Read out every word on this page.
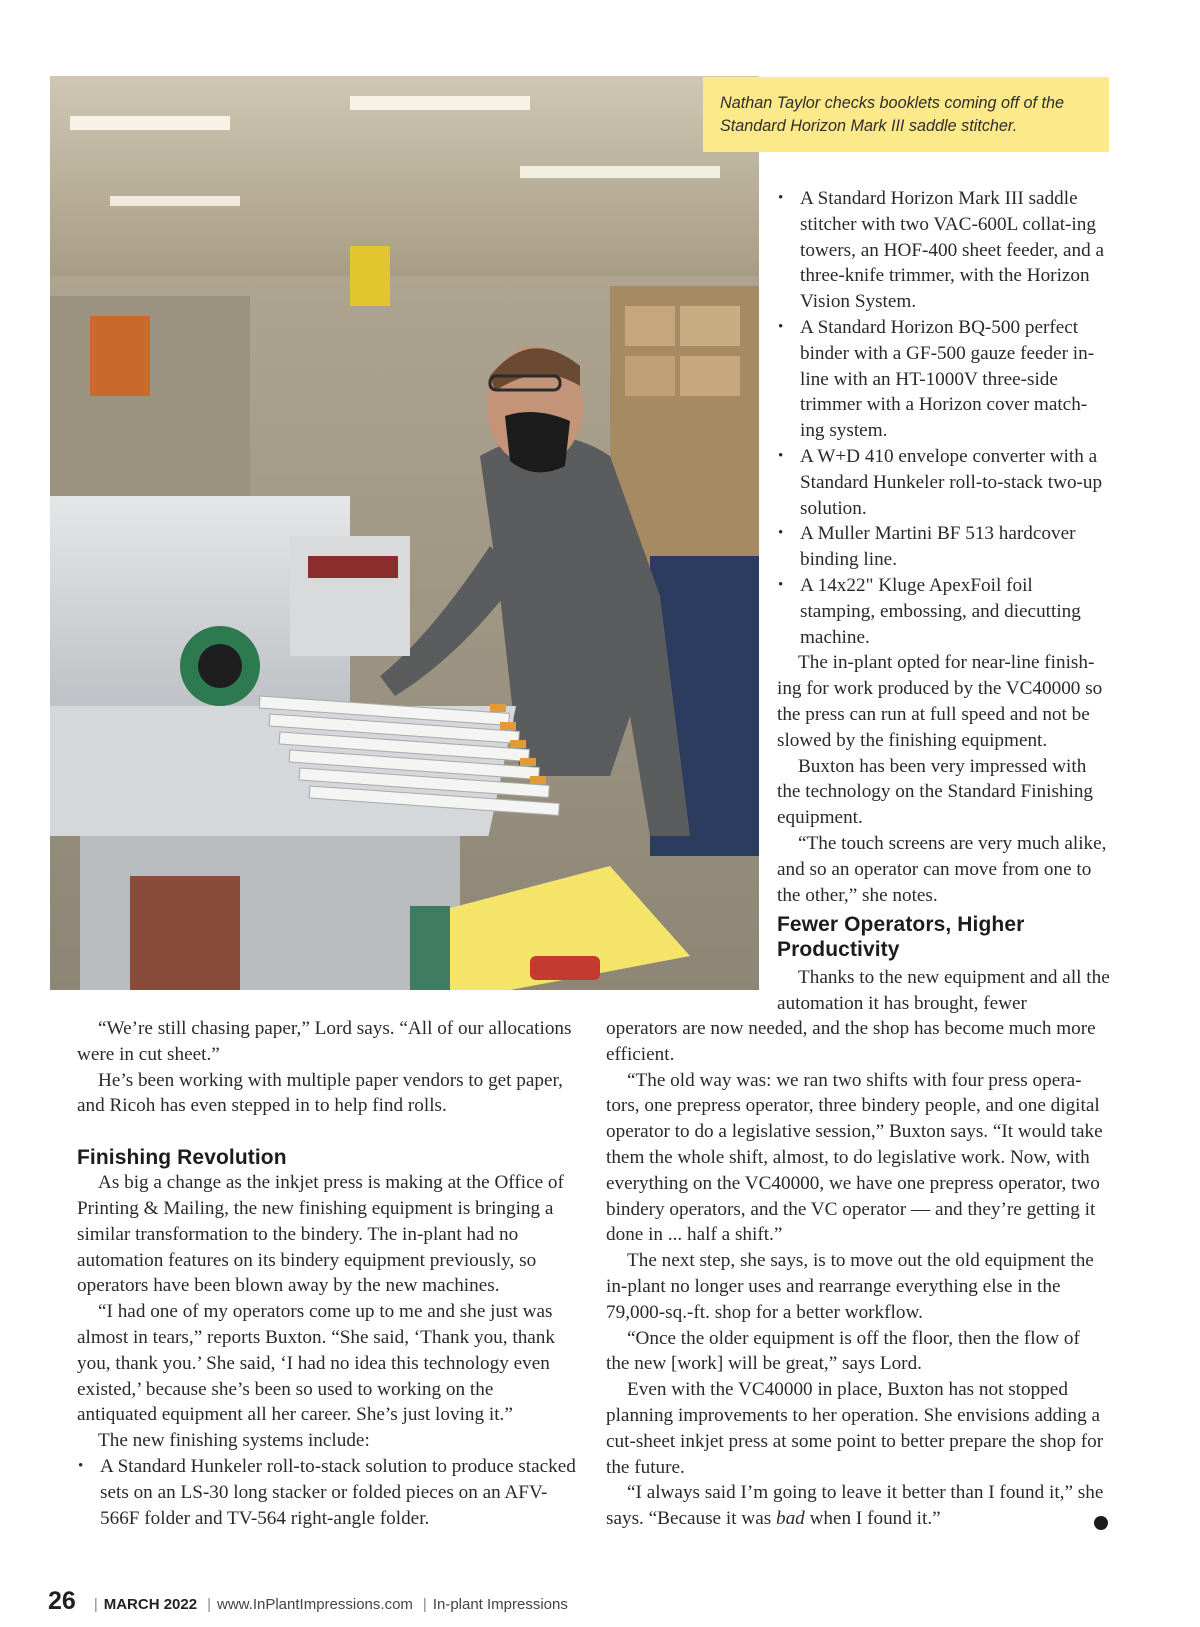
Nathan Taylor checks booklets coming off of the Standard Horizon Mark III saddle stitcher.

• A Standard Horizon Mark III saddle stitcher with two VAC-600L collat-ing towers, an HOF-400 sheet feeder, and a three-knife trimmer, with the Horizon Vision System.
• A Standard Horizon BQ-500 perfect binder with a GF-500 gauze feeder in-line with an HT-1000V three-side trimmer with a Horizon cover match-ing system.
• A W+D 410 envelope converter with a Standard Hunkeler roll-to-stack two-up solution.
• A Muller Martini BF 513 hardcover binding line.
• A 14x22" Kluge ApexFoil foil stamping, embossing, and diecutting machine.

The in-plant opted for near-line finish-ing for work produced by the VC40000 so the press can run at full speed and not be slowed by the finishing equipment.

Buxton has been very impressed with the technology on the Standard Finishing equipment.

“The touch screens are very much alike, and so an operator can move from one to the other,” she notes.

Fewer Operators, Higher Productivity

Thanks to the new equipment and all the automation it has brought, fewer

“We’re still chasing paper,” Lord says. “All of our allocations were in cut sheet.”

He’s been working with multiple paper vendors to get paper, and Ricoh has even stepped in to help find rolls.

Finishing Revolution

As big a change as the inkjet press is making at the Office of Printing & Mailing, the new finishing equipment is bringing a similar transformation to the bindery. The in-plant had no automation features on its bindery equipment previously, so operators have been blown away by the new machines.

“I had one of my operators come up to me and she just was almost in tears,” reports Buxton. “She said, ‘Thank you, thank you, thank you.’ She said, ‘I had no idea this technology even existed,’ because she’s been so used to working on the antiquated equipment all her career. She’s just loving it.”

The new finishing systems include:

• A Standard Hunkeler roll-to-stack solution to produce stacked sets on an LS-30 long stacker or folded pieces on an AFV-566F folder and TV-564 right-angle folder.

operators are now needed, and the shop has become much more efficient.

“The old way was: we ran two shifts with four press opera-tors, one prepress operator, three bindery people, and one digital operator to do a legislative session,” Buxton says. “It would take them the whole shift, almost, to do legislative work. Now, with everything on the VC40000, we have one prepress operator, two bindery operators, and the VC operator — and they’re getting it done in ... half a shift.”

The next step, she says, is to move out the old equipment the in-plant no longer uses and rearrange everything else in the 79,000-sq.-ft. shop for a better workflow.

“Once the older equipment is off the floor, then the flow of the new [work] will be great,” says Lord.

Even with the VC40000 in place, Buxton has not stopped planning improvements to her operation. She envisions adding a cut-sheet inkjet press at some point to better prepare the shop for the future.

“I always said I’m going to leave it better than I found it,” she says. “Because it was bad when I found it.”

26 | MARCH 2022 | www.InPlantImpressions.com | In-plant Impressions
